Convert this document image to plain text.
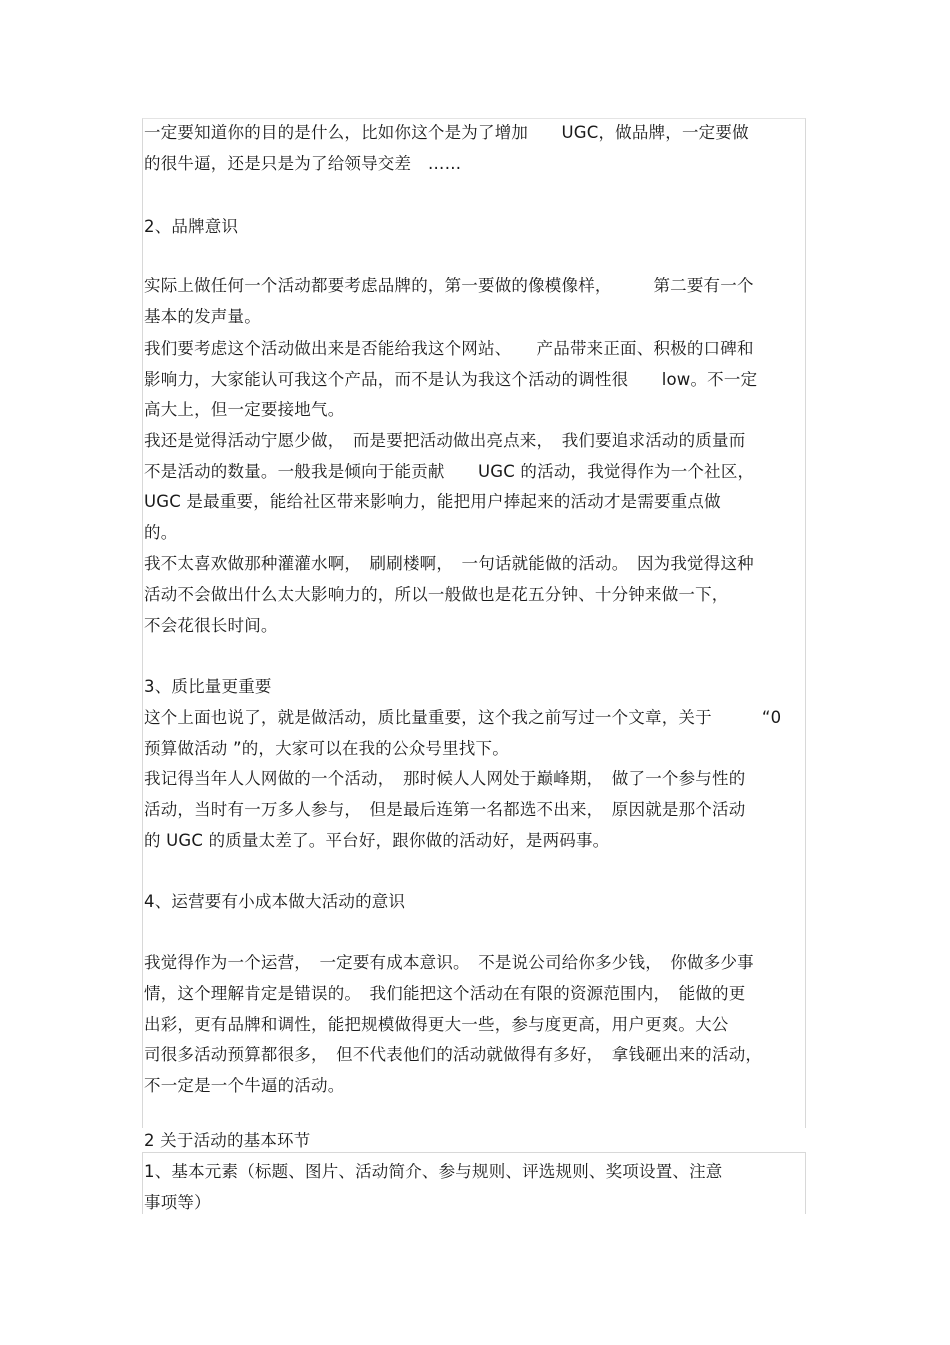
一定要知道你的目的是什么，比如你这个是为了增加　　UGC，做品牌，一定要做

的很牛逼，还是只是为了给领导交差　……

2、品牌意识

实际上做任何一个活动都要考虑品牌的，第一要做的像模像样，　　　第二要有一个

基本的发声量。

我们要考虑这个活动做出来是否能给我这个网站、　　产品带来正面、积极的口碑和

影响力，大家能认可我这个产品，而不是认为我这个活动的调性很　　low。不一定

高大上，但一定要接地气。

我还是觉得活动宁愿少做，　而是要把活动做出亮点来，　我们要追求活动的质量而

不是活动的数量。一般我是倾向于能贡献　　UGC 的活动，我觉得作为一个社区，

UGC 是最重要，能给社区带来影响力，能把用户捧起来的活动才是需要重点做

的。

我不太喜欢做那种灌灌水啊，　刷刷楼啊，　一句话就能做的活动。　因为我觉得这种

活动不会做出什么太大影响力的，所以一般做也是花五分钟、十分钟来做一下，

不会花很长时间。

3、质比量更重要

这个上面也说了，就是做活动，质比量重要，这个我之前写过一个文章，关于　　　“0

预算做活动 ”的，大家可以在我的公众号里找下。

我记得当年人人网做的一个活动，　那时候人人网处于巅峰期，　做了一个参与性的

活动，当时有一万多人参与，　但是最后连第一名都选不出来，　原因就是那个活动

的 UGC 的质量太差了。平台好，跟你做的活动好，是两码事。

4、运营要有小成本做大活动的意识

我觉得作为一个运营，　一定要有成本意识。　不是说公司给你多少钱，　你做多少事

情，这个理解肯定是错误的。　我们能把这个活动在有限的资源范围内，　能做的更

出彩，更有品牌和调性，能把规模做得更大一些，参与度更高，用户更爽。大公

司很多活动预算都很多，　但不代表他们的活动就做得有多好，　拿钱砸出来的活动，

不一定是一个牛逼的活动。

2 关于活动的基本环节

1、基本元素（标题、图片、活动简介、参与规则、评选规则、奖项设置、注意

事项等）
